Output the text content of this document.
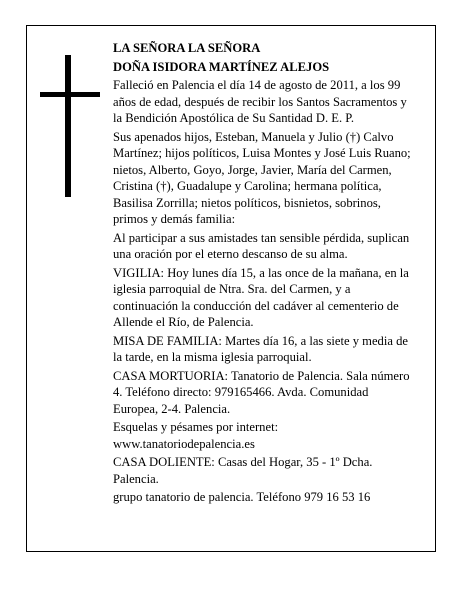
LA SEÑORA LA SEÑORA

DOÑA ISIDORA MARTÍNEZ ALEJOS

Falleció en Palencia el día 14 de agosto de 2011, a los 99 años de edad, después de recibir los Santos Sacramentos y la Bendición Apostólica de Su Santidad D. E. P.

Sus apenados hijos, Esteban, Manuela y Julio (†) Calvo Martínez; hijos políticos, Luisa Montes y José Luis Ruano; nietos, Alberto, Goyo, Jorge, Javier, María del Carmen, Cristina (†), Guadalupe y Carolina; hermana política, Basilisa Zorrilla; nietos políticos, bisnietos, sobrinos, primos y demás familia:

Al participar a sus amistades tan sensible pérdida, suplican una oración por el eterno descanso de su alma.

VIGILIA: Hoy lunes día 15, a las once de la mañana, en la iglesia parroquial de Ntra. Sra. del Carmen, y a continuación la conducción del cadáver al cementerio de Allende el Río, de Palencia.

MISA DE FAMILIA: Martes día 16, a las siete y media de la tarde, en la misma iglesia parroquial.

CASA MORTUORIA: Tanatorio de Palencia. Sala número 4. Teléfono directo: 979165466. Avda. Comunidad Europea, 2-4. Palencia.

Esquelas y pésames por internet: www.tanatoriodepalencia.es

CASA DOLIENTE: Casas del Hogar, 35 - 1º Dcha. Palencia.

grupo tanatorio de palencia. Teléfono 979 16 53 16
